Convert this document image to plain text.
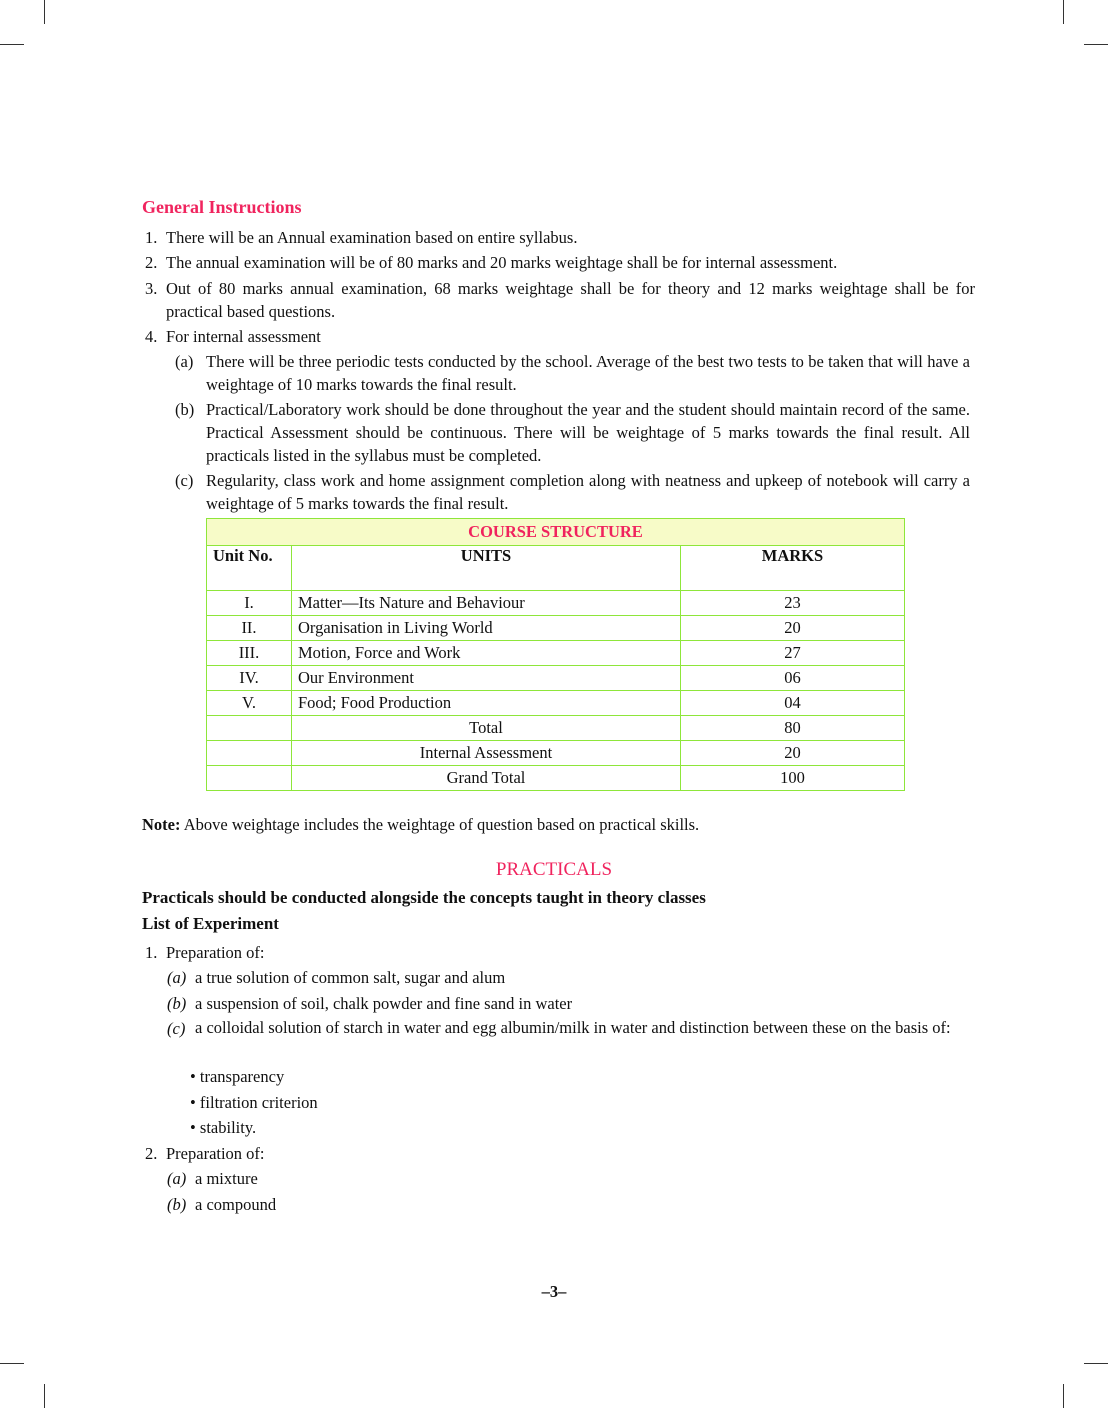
General Instructions
1. There will be an Annual examination based on entire syllabus.
2. The annual examination will be of 80 marks and 20 marks weightage shall be for internal assessment.
3. Out of 80 marks annual examination, 68 marks weightage shall be for theory and 12 marks weightage shall be for practical based questions.
4. For internal assessment
(a) There will be three periodic tests conducted by the school. Average of the best two tests to be taken that will have a weightage of 10 marks towards the final result.
(b) Practical/Laboratory work should be done throughout the year and the student should maintain record of the same. Practical Assessment should be continuous. There will be weightage of 5 marks towards the final result. All practicals listed in the syllabus must be completed.
(c) Regularity, class work and home assignment completion along with neatness and upkeep of notebook will carry a weightage of 5 marks towards the final result.
COURSE STRUCTURE		
Unit No.	UNITS	MARKS
I.	Matter—Its Nature and Behaviour	23
II.	Organisation in Living World	20
III.	Motion, Force and Work	27
IV.	Our Environment	06
V.	Food; Food Production	04
	Total	80
	Internal Assessment	20
	Grand Total	100
Note: Above weightage includes the weightage of question based on practical skills.
PRACTICALS
Practicals should be conducted alongside the concepts taught in theory classes
List of Experiment
1. Preparation of:
(a) a true solution of common salt, sugar and alum
(b) a suspension of soil, chalk powder and fine sand in water
(c) a colloidal solution of starch in water and egg albumin/milk in water and distinction between these on the basis of:
• transparency
• filtration criterion
• stability.
2. Preparation of:
(a) a mixture
(b) a compound
–3–
